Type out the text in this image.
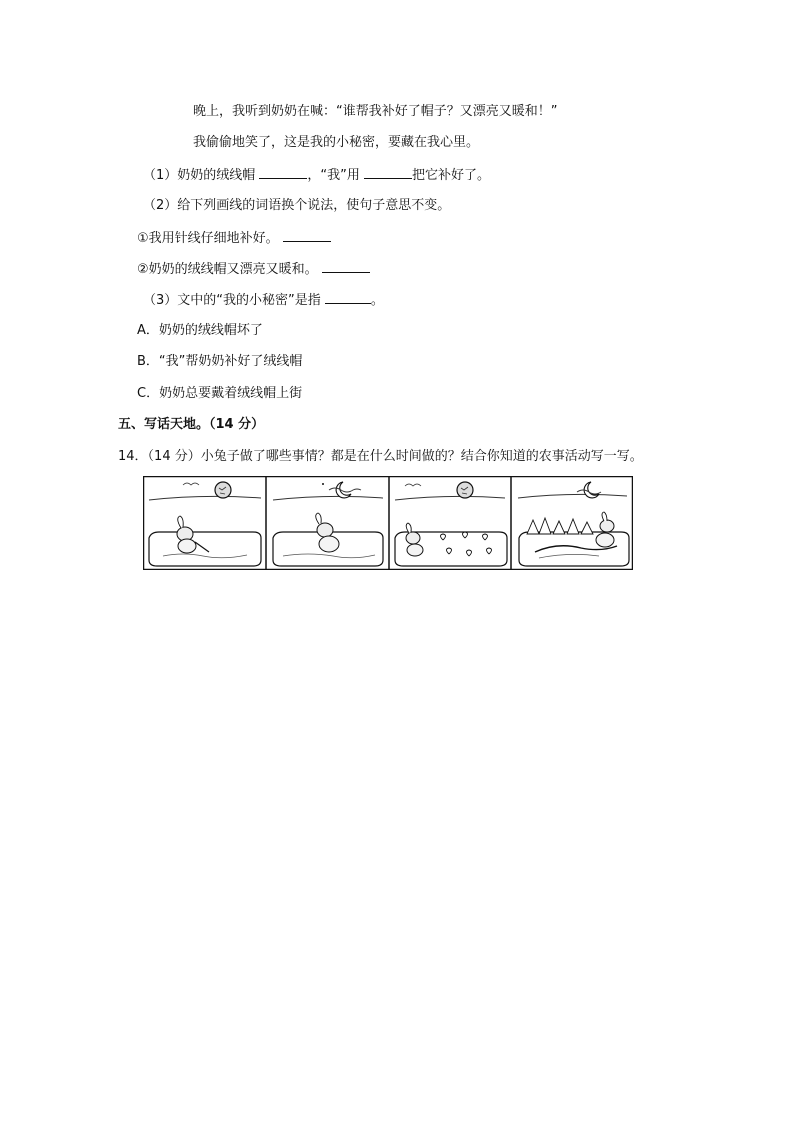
晚上，我听到奶奶在喊：“谁帮我补好了帽子？又漂亮又暖和！”
我偷偷地笑了，这是我的小秘密，要藏在我心里。
（1）奶奶的绒线帽	，“我”用	把它补好了。
（2）给下列画线的词语换个说法，使句子意思不变。
①我用针线仔细地补好。
②奶奶的绒线帽又漂亮又暖和。
（3）文中的“我的小秘密”是指	。
A．奶奶的绒线帽坏了
B．“我”帮奶奶补好了绒线帽
C．奶奶总要戴着绒线帽上街
五、写话天地。（14 分）
14．（14 分）小兔子做了哪些事情？都是在什么时间做的？结合你知道的农事活动写一写。
